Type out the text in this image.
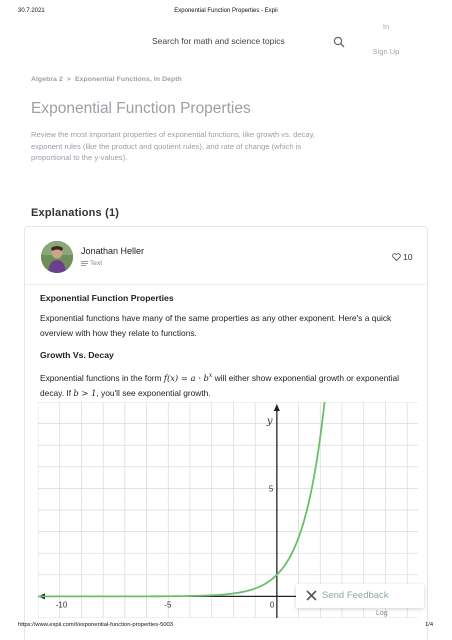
30.7.2021	Exponential Function Properties - Expii
Search for math and science topics
In
Sign Up
Algebra 2 > Exponential Functions, In Depth
Exponential Function Properties

Review the most important properties of exponential functions, like growth vs. decay, exponent rules (like the product and quotient rules), and rate of change (which is proportional to the y-values).

Explanations (1)
Jonathan Heller
Text
10
Exponential Function Properties

Exponential functions have many of the same properties as any other exponent. Here's a quick overview with how they relate to functions.

Growth Vs. Decay

Exponential functions in the form $f(x) = a \cdot b^x$ will either show exponential growth or exponential decay. If b > 1, you'll see exponential growth.

y
-10	-5	0
5
Send Feedback
Log
https://www.expii.com/t/exponential-function-properties-5003	1/4
